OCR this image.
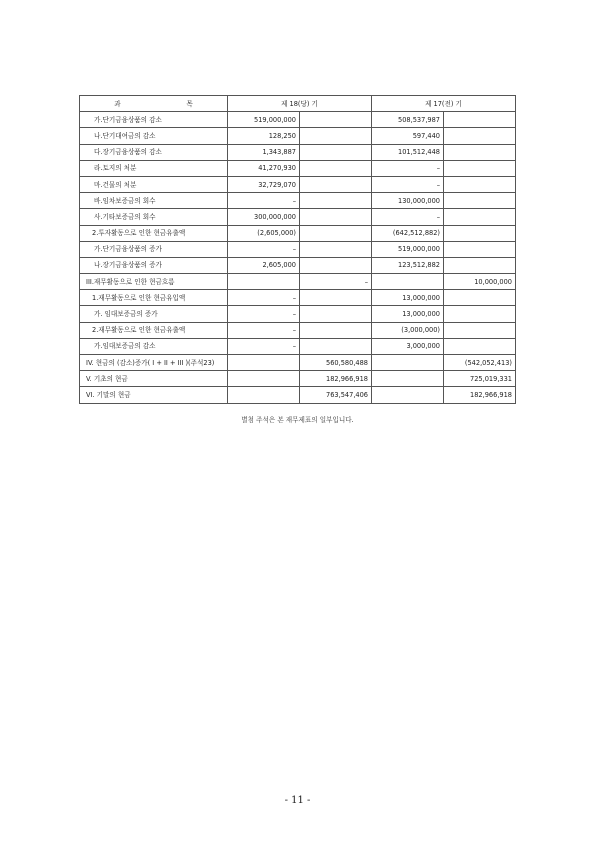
과 목	제 18(당) 기		제 17(전) 기	
가.단기금융상품의 감소	519,000,000		508,537,987	
나.단기대여금의 감소	128,250		597,440	
다.장기금융상품의 감소	1,343,887		101,512,448	
라.토지의 처분	41,270,930		–	
마.건물의 처분	32,729,070		–	
바.임차보증금의 회수	–		130,000,000	
사.기타보증금의 회수	300,000,000		–	
2.투자활동으로 인한 현금유출액	(2,605,000)		(642,512,882)	
가.단기금융상품의 증가	–		519,000,000	
나.장기금융상품의 증가	2,605,000		123,512,882	
III.재무활동으로 인한 현금흐름		–		10,000,000
1.재무활동으로 인한 현금유입액	–		13,000,000	
가. 임대보증금의 증가	–		13,000,000	
2.재무활동으로 인한 현금유출액	–		(3,000,000)	
가.임대보증금의 감소	–		3,000,000	
IV. 현금의 (감소)증가( I + II + III )(주석23)		560,580,488		(542,052,413)
V. 기초의 현금		182,966,918		725,019,331
VI. 기말의 현금		763,547,406		182,966,918
별첨 주석은 본 재무제표의 일부입니다.
- 11 -
